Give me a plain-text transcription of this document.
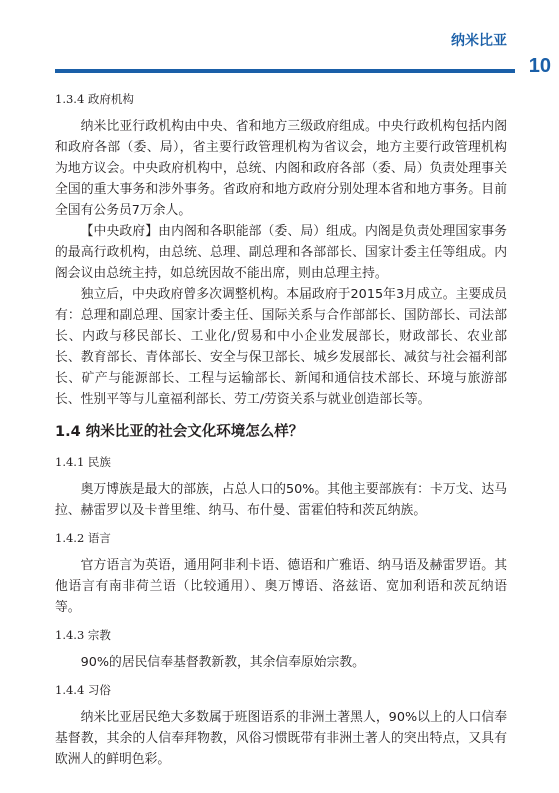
纳米比亚
10
1.3.4 政府机构

纳米比亚行政机构由中央、省和地方三级政府组成。中央行政机构包括内阁和政府各部（委、局），省主要行政管理机构为省议会，地方主要行政管理机构为地方议会。中央政府机构中，总统、内阁和政府各部（委、局）负责处理事关全国的重大事务和涉外事务。省政府和地方政府分别处理本省和地方事务。目前全国有公务员7万余人。

【中央政府】由内阁和各职能部（委、局）组成。内阁是负责处理国家事务的最高行政机构，由总统、总理、副总理和各部部长、国家计委主任等组成。内阁会议由总统主持，如总统因故不能出席，则由总理主持。

独立后，中央政府曾多次调整机构。本届政府于2015年3月成立。主要成员有：总理和副总理、国家计委主任、国际关系与合作部部长、国防部长、司法部长、内政与移民部长、工业化/贸易和中小企业发展部长，财政部长、农业部长、教育部长、青体部长、安全与保卫部长、城乡发展部长、减贫与社会福利部长、矿产与能源部长、工程与运输部长、新闻和通信技术部长、环境与旅游部长、性别平等与儿童福利部长、劳工/劳资关系与就业创造部长等。

1.4 纳米比亚的社会文化环境怎么样？
1.4.1 民族

奥万博族是最大的部族，占总人口的50%。其他主要部族有：卡万戈、达马拉、赫雷罗以及卡普里维、纳马、布什曼、雷霍伯特和茨瓦纳族。

1.4.2 语言

官方语言为英语，通用阿非利卡语、德语和广雅语、纳马语及赫雷罗语。其他语言有南非荷兰语（比较通用）、奥万博语、洛兹语、宽加利语和茨瓦纳语等。

1.4.3 宗教

90%的居民信奉基督教新教，其余信奉原始宗教。

1.4.4 习俗

纳米比亚居民绝大多数属于班图语系的非洲土著黑人，90%以上的人口信奉基督教，其余的人信奉拜物教，风俗习惯既带有非洲土著人的突出特点，又具有欧洲人的鲜明色彩。
